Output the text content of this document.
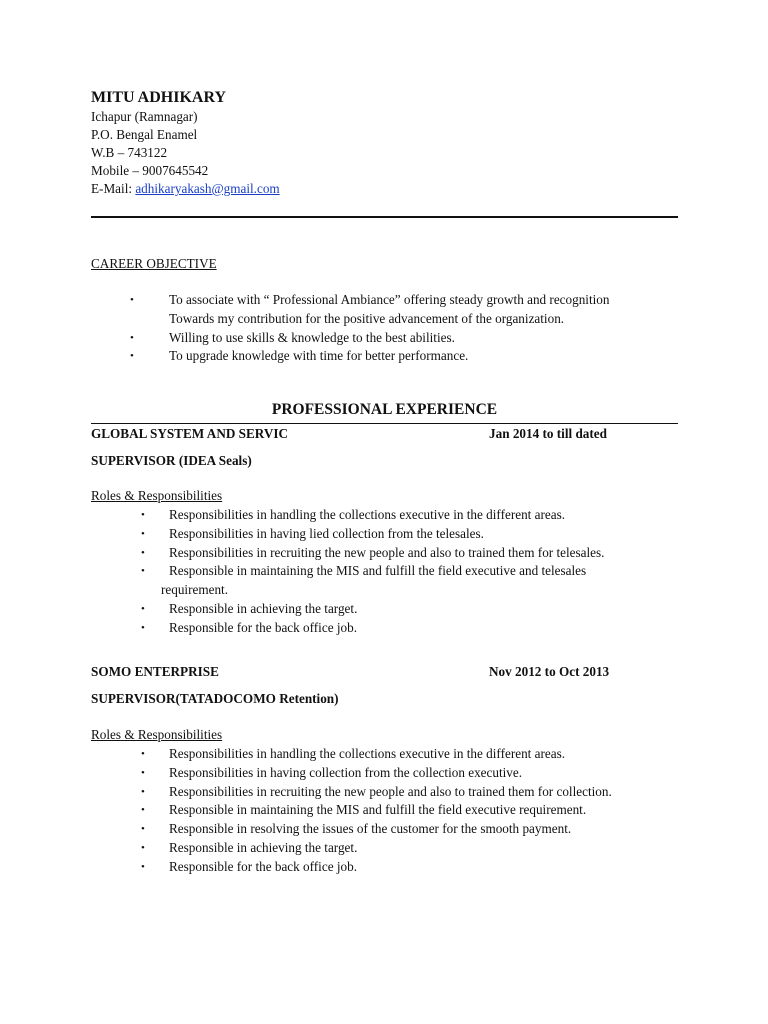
MITU ADHIKARY
Ichapur (Ramnagar)
P.O. Bengal Enamel
W.B – 743122
Mobile – 9007645542
E-Mail: adhikaryakash@gmail.com
CAREER OBJECTIVE
•	To associate with “ Professional Ambiance” offering steady growth and recognition
Towards my contribution for the positive advancement of the organization.
•	Willing to use skills & knowledge to the best abilities.
•	To upgrade knowledge with time for better performance.
PROFESSIONAL EXPERIENCE
GLOBAL SYSTEM AND SERVIC	Jan 2014 to till dated
SUPERVISOR (IDEA Seals)
Roles & Responsibilities
• Responsibilities in handling the collections executive in the different areas.
• Responsibilities in having lied collection from the telesales.
• Responsibilities in recruiting the new people and also to trained them for telesales.
• Responsible in maintaining the MIS and fulfill the field executive and telesales
requirement.
• Responsible in achieving the target.
• Responsible for the back office job.
SOMO ENTERPRISE	Nov 2012 to Oct 2013
SUPERVISOR(TATADOCOMO Retention)
Roles & Responsibilities
• Responsibilities in handling the collections executive in the different areas.
• Responsibilities in having collection from the collection executive.
• Responsibilities in recruiting the new people and also to trained them for collection.
• Responsible in maintaining the MIS and fulfill the field executive requirement.
• Responsible in resolving the issues of the customer for the smooth payment.
• Responsible in achieving the target.
• Responsible for the back office job.
